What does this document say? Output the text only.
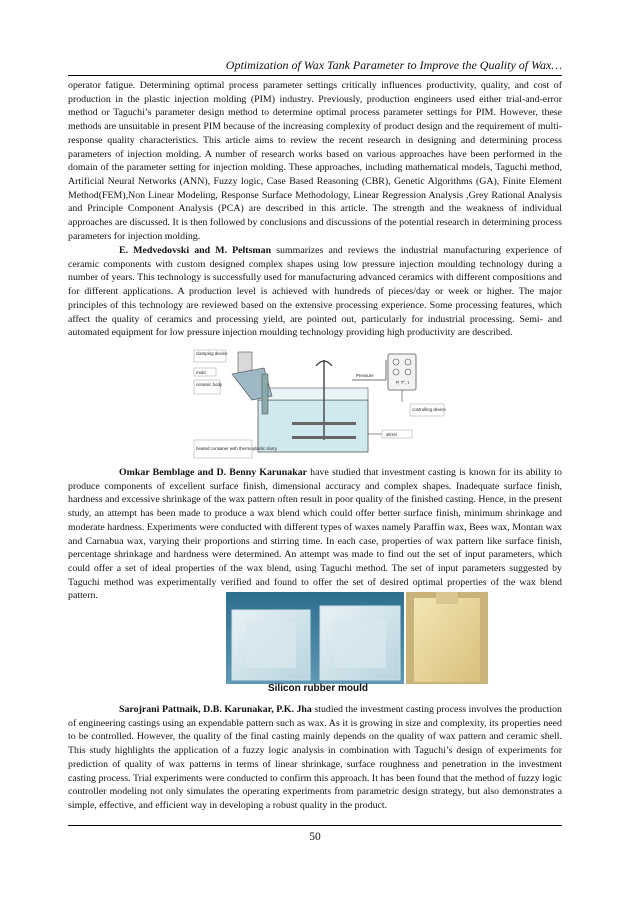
Optimization of Wax Tank Parameter to Improve the Quality of Wax…

operator fatigue. Determining optimal process parameter settings critically influences productivity, quality, and cost of production in the plastic injection molding (PIM) industry. Previously, production engineers used either trial-and-error method or Taguchi’s parameter design method to determine optimal process parameter settings for PIM. However, these methods are unsuitable in present PIM because of the increasing complexity of product design and the requirement of multi-response quality characteristics. This article aims to review the recent research in designing and determining process parameters of injection molding. A number of research works based on various approaches have been performed in the domain of the parameter setting for injection molding. These approaches, including mathematical models, Taguchi method, Artificial Neural Networks (ANN), Fuzzy logic, Case Based Reasoning (CBR), Genetic Algorithms (GA), Finite Element Method(FEM),Non Linear Modeling, Response Surface Methodology, Linear Regression Analysis ,Grey Rational Analysis and Principle Component Analysis (PCA) are described in this article. The strength and the weakness of individual approaches are discussed. It is then followed by conclusions and discussions of the potential research in determining process parameters for injection molding.

E. Medvedovski and M. Peltsman summarizes and reviews the industrial manufacturing experience of ceramic components with custom designed complex shapes using low pressure injection moulding technology during a number of years. This technology is successfully used for manufacturing advanced ceramics with different compositions and for different applications. A production level is achieved with hundreds of pieces/day or week or higher. The major principles of this technology are reviewed based on the extensive processing experience. Some processing features, which affect the quality of ceramics and processing yield, are pointed out, particularly for industrial processing. Semi- and automated equipment for low pressure injection moulding technology providing high productivity are described.

clamping device
mold
ceramic body
Pressure
P, T°, t
controlling device
stirrer
heated container with thermoplastic slurry

Omkar Bemblage and D. Benny Karunakar have studied that investment casting is known for its ability to produce components of excellent surface finish, dimensional accuracy and complex shapes. Inadequate surface finish, hardness and excessive shrinkage of the wax pattern often result in poor quality of the finished casting. Hence, in the present study, an attempt has been made to produce a wax blend which could offer better surface finish, minimum shrinkage and moderate hardness. Experiments were conducted with different types of waxes namely Paraffin wax, Bees wax, Montan wax and Carnabua wax, varying their proportions and stirring time. In each case, properties of wax pattern like surface finish, percentage shrinkage and hardness were determined. An attempt was made to find out the set of input parameters, which could offer a set of ideal properties of the wax blend, using Taguchi method. The set of input parameters suggested by Taguchi method was experimentally verified and found to offer the set of desired optimal properties of the wax blend pattern.

Silicon rubber mould

Sarojrani Pattnaik, D.B. Karunakar, P.K. Jha studied the investment casting process involves the production of engineering castings using an expendable pattern such as wax. As it is growing in size and complexity, its properties need to be controlled. However, the quality of the final casting mainly depends on the quality of wax pattern and ceramic shell. This study highlights the application of a fuzzy logic analysis in combination with Taguchi’s design of experiments for prediction of quality of wax patterns in terms of linear shrinkage, surface roughness and penetration in the investment casting process. Trial experiments were conducted to confirm this approach. It has been found that the method of fuzzy logic controller modeling not only simulates the operating experiments from parametric design strategy, but also demonstrates a simple, effective, and efficient way in developing a robust quality in the product.

50
